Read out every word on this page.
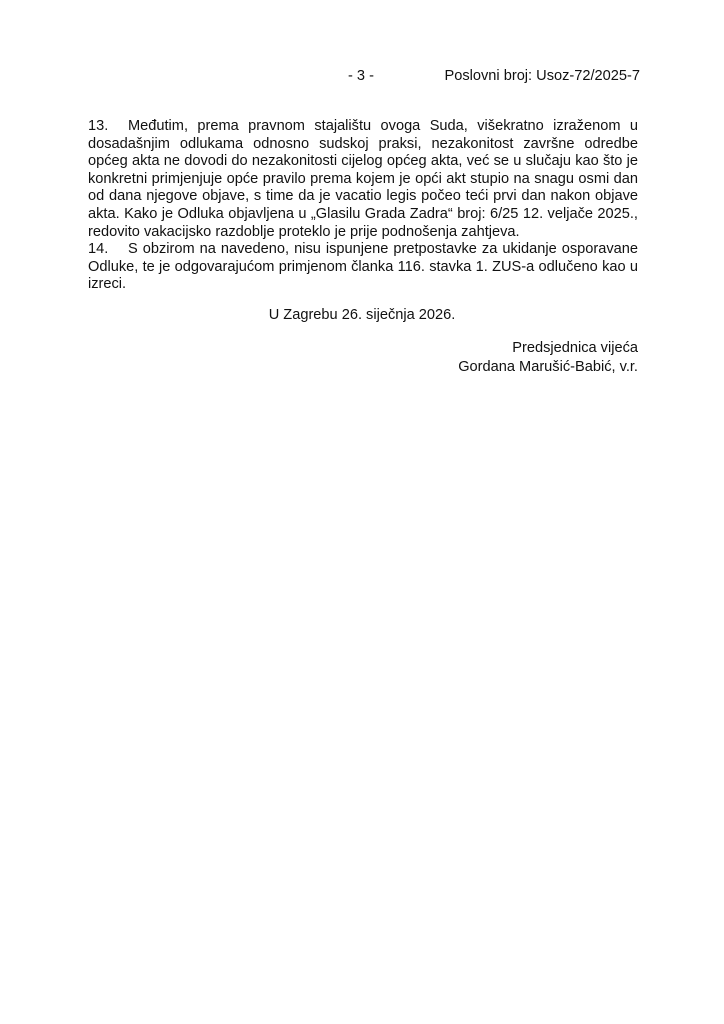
- 3 -	Poslovni broj: Usoz-72/2025-7

13. Međutim, prema pravnom stajalištu ovoga Suda, višekratno izraženom u dosadašnjim odlukama odnosno sudskoj praksi, nezakonitost završne odredbe općeg akta ne dovodi do nezakonitosti cijelog općeg akta, već se u slučaju kao što je konkretni primjenjuje opće pravilo prema kojem je opći akt stupio na snagu osmi dan od dana njegove objave, s time da je vacatio legis počeo teći prvi dan nakon objave akta. Kako je Odluka objavljena u „Glasilu Grada Zadra“ broj: 6/25 12. veljače 2025., redovito vakacijsko razdoblje proteklo je prije podnošenja zahtjeva.

14. S obzirom na navedeno, nisu ispunjene pretpostavke za ukidanje osporavane Odluke, te je odgovarajućom primjenom članka 116. stavka 1. ZUS-a odlučeno kao u izreci.

U Zagrebu 26. siječnja 2026.
Predsjednica vijeća
Gordana Marušić-Babić, v.r.
